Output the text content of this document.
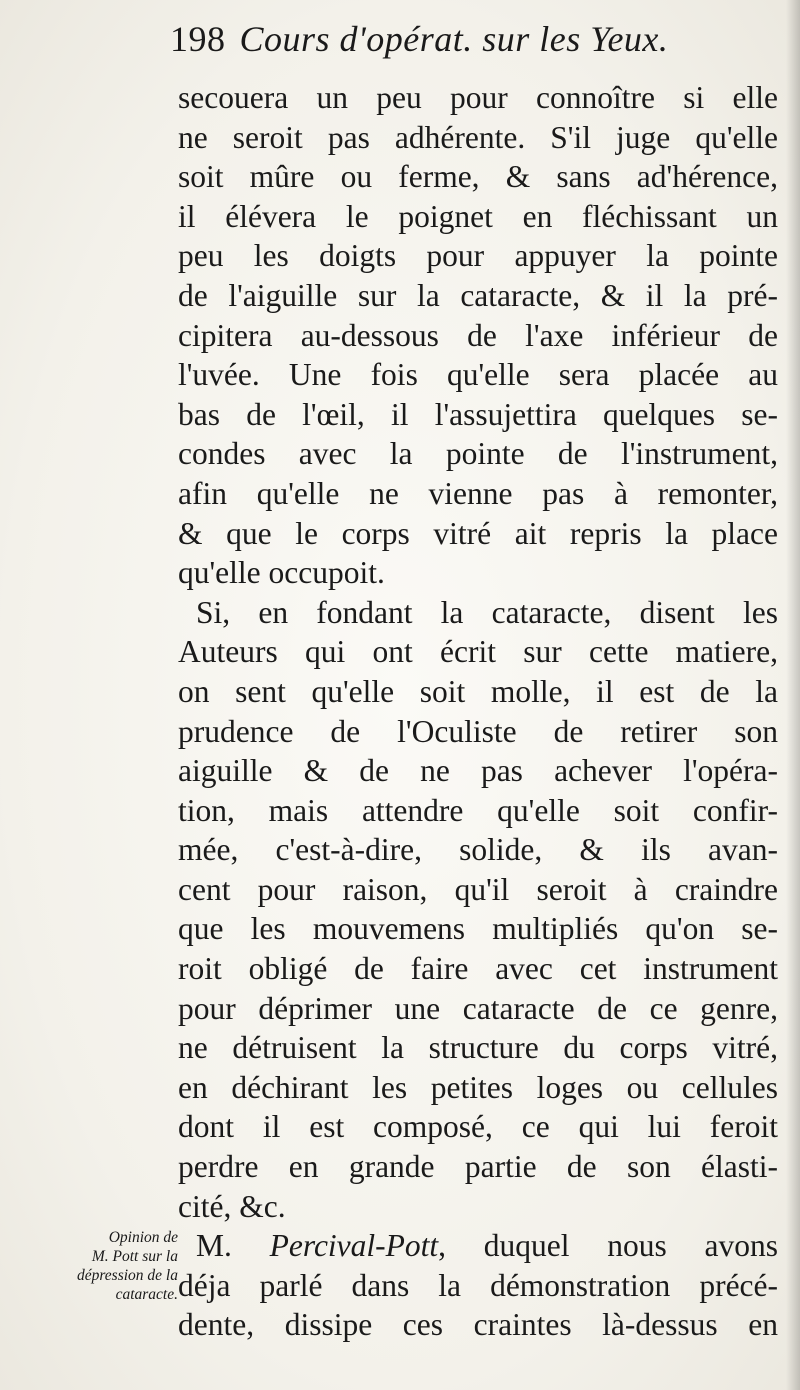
198 Cours d'opérat. sur les Yeux.
secouera un peu pour connoître si elle
ne seroit pas adhérente. S'il juge qu'elle
soit mûre ou ferme, & sans ad'hérence,
il élévera le poignet en fléchissant un
peu les doigts pour appuyer la pointe
de l'aiguille sur la cataracte, & il la pré-
cipitera au-dessous de l'axe inférieur de
l'uvée. Une fois qu'elle sera placée au
bas de l'œil, il l'assujettira quelques se-
condes avec la pointe de l'instrument,
afin qu'elle ne vienne pas à remonter,
& que le corps vitré ait repris la place
qu'elle occupoit.
Si, en fondant la cataracte, disent les
Auteurs qui ont écrit sur cette matiere,
on sent qu'elle soit molle, il est de la
prudence de l'Oculiste de retirer son
aiguille & de ne pas achever l'opéra-
tion, mais attendre qu'elle soit confir-
mée, c'est-à-dire, solide, & ils avan-
cent pour raison, qu'il seroit à craindre
que les mouvemens multipliés qu'on se-
roit obligé de faire avec cet instrument
pour déprimer une cataracte de ce genre,
ne détruisent la structure du corps vitré,
en déchirant les petites loges ou cellules
dont il est composé, ce qui lui feroit
perdre en grande partie de son élasti-
cité, &c.
M. Percival-Pott, duquel nous avons
déja parlé dans la démonstration précé-
dente, dissipe ces craintes là-dessus en
Opinion de
M. Pott sur la
dépression de la
cataracte.
